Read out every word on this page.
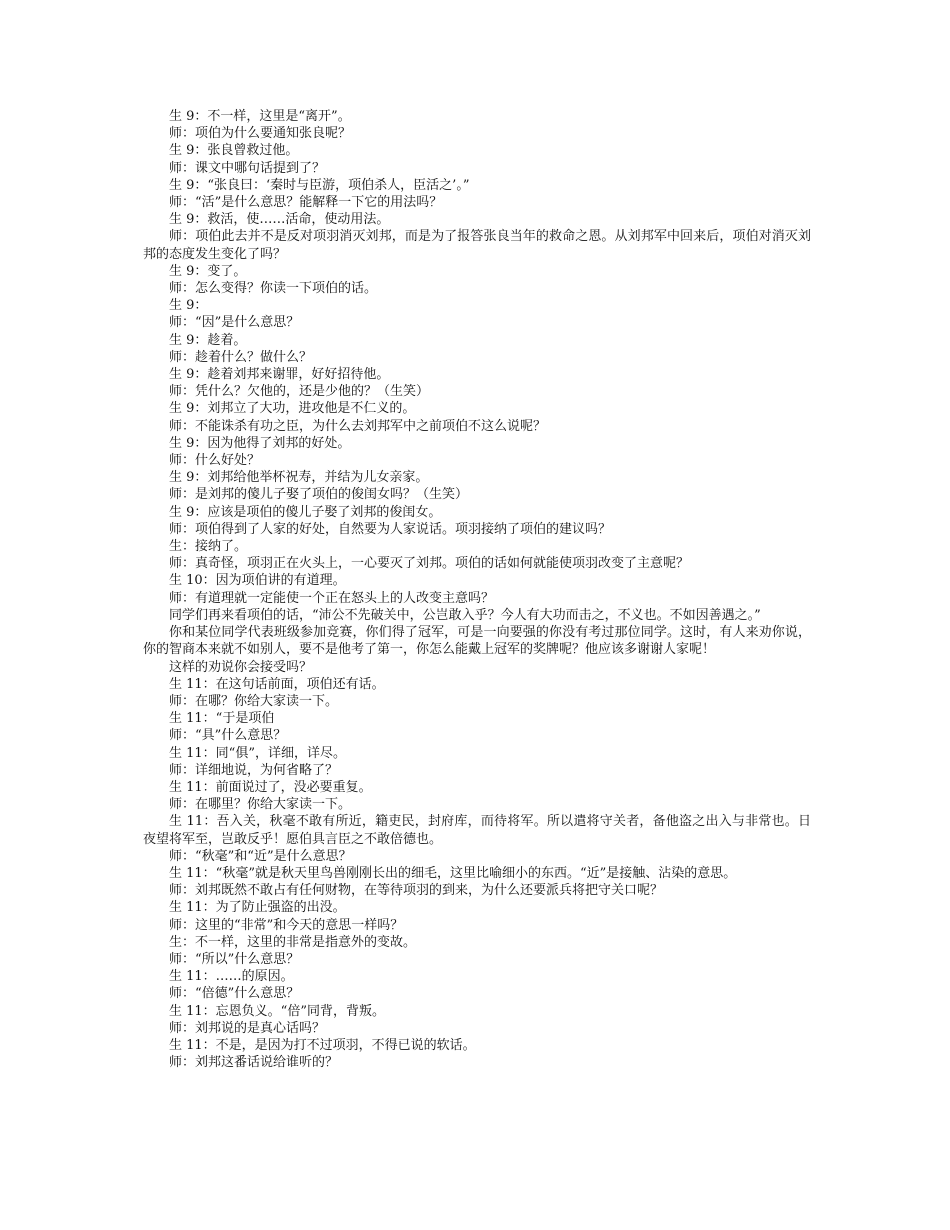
生 9：不一样，这里是“离开”。

师：项伯为什么要通知张良呢？

生 9：张良曾救过他。

师：课文中哪句话提到了？

生 9：“张良曰：‘秦时与臣游，项伯杀人，臣活之’。”

师：“活”是什么意思？能解释一下它的用法吗？

生 9：救活，使……活命，使动用法。

师：项伯此去并不是反对项羽消灭刘邦，而是为了报答张良当年的救命之恩。从刘邦军中回来后，项伯对消灭刘邦的态度发生变化了吗？

生 9：变了。

师：怎么变得？你读一下项伯的话。

生 9：

师：“因”是什么意思？

生 9：趁着。

师：趁着什么？做什么？

生 9：趁着刘邦来谢罪，好好招待他。

师：凭什么？欠他的，还是少他的？（生笑）

生 9：刘邦立了大功，进攻他是不仁义的。

师：不能诛杀有功之臣，为什么去刘邦军中之前项伯不这么说呢？

生 9：因为他得了刘邦的好处。

师：什么好处？

生 9：刘邦给他举杯祝寿，并结为儿女亲家。

师：是刘邦的傻儿子娶了项伯的俊闺女吗？（生笑）

生 9：应该是项伯的傻儿子娶了刘邦的俊闺女。

师：项伯得到了人家的好处，自然要为人家说话。项羽接纳了项伯的建议吗？

生：接纳了。

师：真奇怪，项羽正在火头上，一心要灭了刘邦。项伯的话如何就能使项羽改变了主意呢？

生 10：因为项伯讲的有道理。

师：有道理就一定能使一个正在怒头上的人改变主意吗？

同学们再来看项伯的话，“沛公不先破关中，公岂敢入乎？今人有大功而击之，不义也。不如因善遇之。”

你和某位同学代表班级参加竞赛，你们得了冠军，可是一向要强的你没有考过那位同学。这时，有人来劝你说，你的智商本来就不如别人，要不是他考了第一，你怎么能戴上冠军的奖牌呢？他应该多谢谢人家呢！

这样的劝说你会接受吗？

生 11：在这句话前面，项伯还有话。

师：在哪？你给大家读一下。

生 11：“于是项伯

师：“具”什么意思？

生 11：同“俱”，详细，详尽。

师：详细地说，为何省略了？

生 11：前面说过了，没必要重复。

师：在哪里？你给大家读一下。

生 11：吾入关，秋毫不敢有所近，籍吏民，封府库，而待将军。所以遣将守关者，备他盗之出入与非常也。日夜望将军至，岂敢反乎！愿伯具言臣之不敢倍德也。

师：“秋毫”和“近”是什么意思？

生 11：“秋毫”就是秋天里鸟兽刚刚长出的细毛，这里比喻细小的东西。“近”是接触、沾染的意思。

师：刘邦既然不敢占有任何财物，在等待项羽的到来，为什么还要派兵将把守关口呢？

生 11：为了防止强盗的出没。

师：这里的“非常”和今天的意思一样吗？

生：不一样，这里的非常是指意外的变故。

师：“所以”什么意思？

生 11：……的原因。

师：“倍德”什么意思？

生 11：忘恩负义。“倍”同背，背叛。

师：刘邦说的是真心话吗？

生 11：不是，是因为打不过项羽，不得已说的软话。

师：刘邦这番话说给谁听的？
